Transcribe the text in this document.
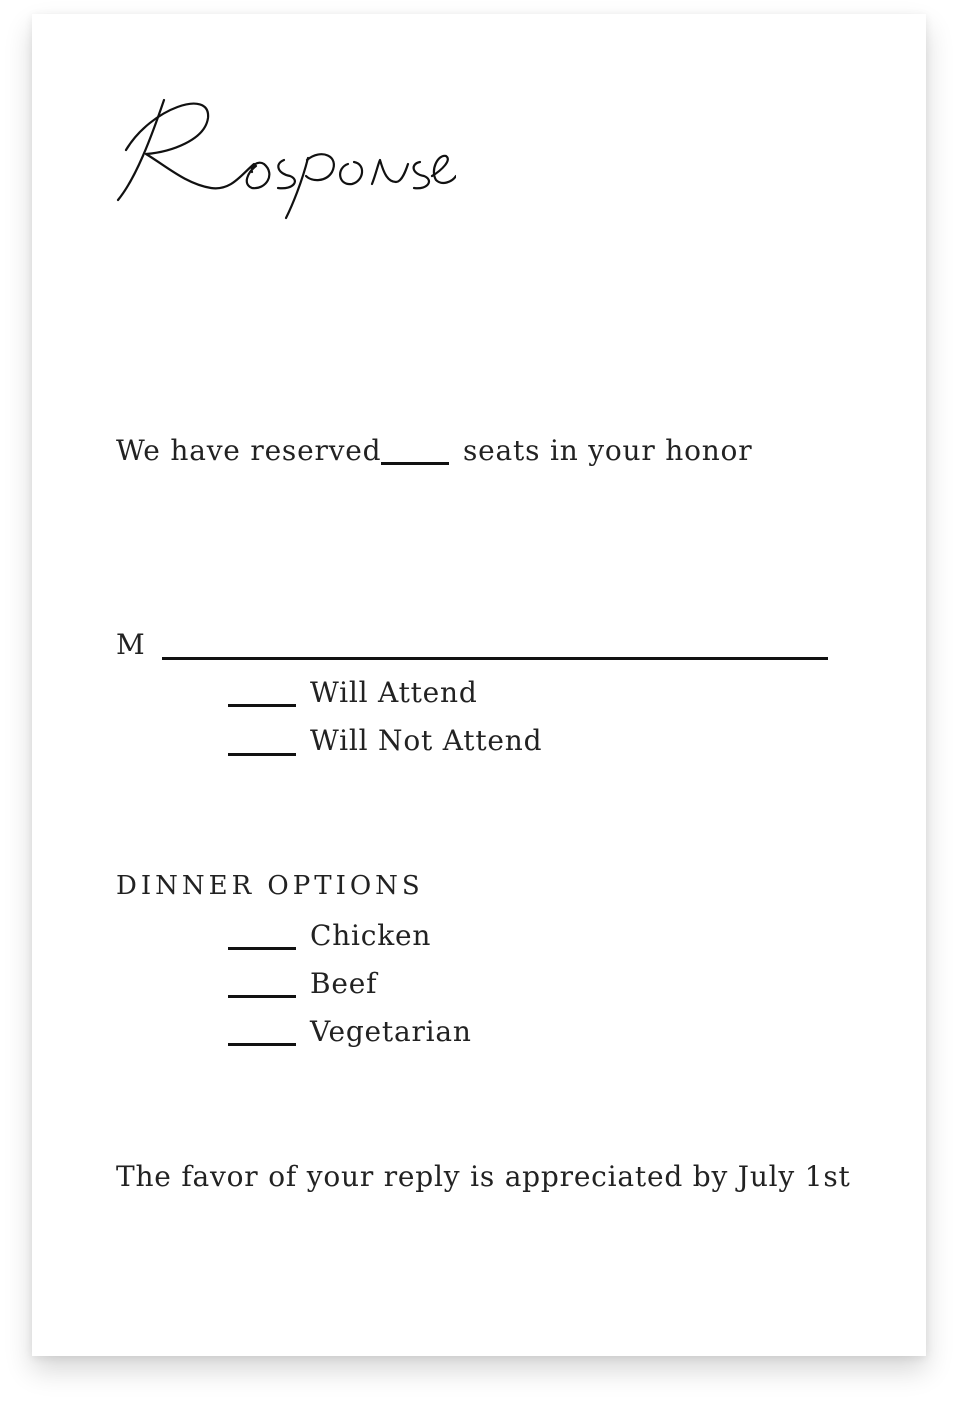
We have reserved	seats in your honor
M
Will Attend
Will Not Attend
DINNER OPTIONS
Chicken
Beef
Vegetarian
The favor of your reply is appreciated by July 1st
